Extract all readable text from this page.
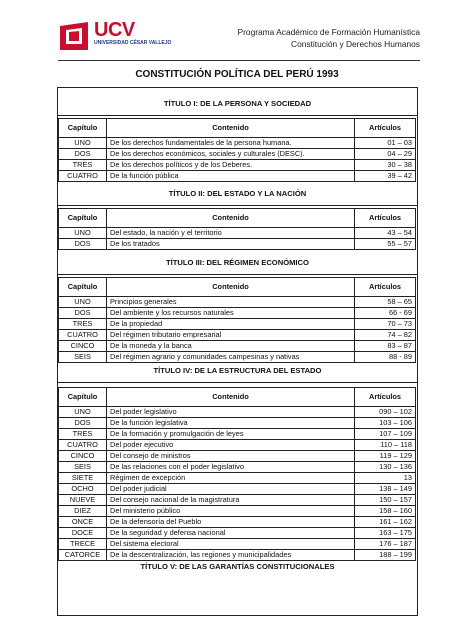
UCV
UNIVERSIDAD CÉSAR VALLEJO
Programa Académico de Formación Humanística
Constitución y Derechos Humanos
CONSTITUCIÓN POLÍTICA DEL PERÚ 1993
TÍTULO I: DE LA PERSONA Y SOCIEDAD
Capítulo	Contenido	Artículos
UNO	De los derechos fundamentales de la persona humana.	01 – 03
DOS	De los derechos económicos, sociales y culturales (DESC).	04 – 29
TRES	De los derechos políticos y de los Deberes.	30 – 38
CUATRO	De la función pública	39 – 42
TÍTULO II: DEL ESTADO Y LA NACIÓN
Capítulo	Contenido	Artículos
UNO	Del estado, la nación y el territorio	43 – 54
DOS	De los tratados	55 – 57
TÍTULO III: DEL RÉGIMEN ECONÓMICO
Capítulo	Contenido	Artículos
UNO	Principios generales	58 – 65
DOS	Del ambiente y los recursos naturales	66 - 69
TRES	De la propiedad	70 – 73
CUATRO	Del régimen tributario empresarial	74 – 82
CINCO	De la moneda y la banca	83 – 87
SEIS	Del régimen agrario y comunidades campesinas y nativas	88 - 89
TÍTULO IV: DE LA ESTRUCTURA DEL ESTADO
Capítulo	Contenido	Artículos
UNO	Del poder legislativo	090 – 102
DOS	De la función legislativa	103 – 106
TRES	De la formación y promulgación de leyes	107 – 109
CUATRO	Del poder ejecutivo	110 – 118
CINCO	Del consejo de ministros	119 – 129
SEIS	De las relaciones con el poder legislativo	130 – 136
SIETE	Régimen de excepción	13
OCHO	Del poder judicial	138 – 149
NUEVE	Del consejo nacional de la magistratura	150 – 157
DIEZ	Del ministerio público	158 – 160
ONCE	De la defensoría del Pueblo	161 – 162
DOCE	De la seguridad y defensa nacional	163 – 175
TRECE	Del sistema electoral	176 – 187
CATORCE	De la descentralización, las regiones y municipalidades	188 – 199
TÍTULO V: DE LAS GARANTÍAS CONSTITUCIONALES
